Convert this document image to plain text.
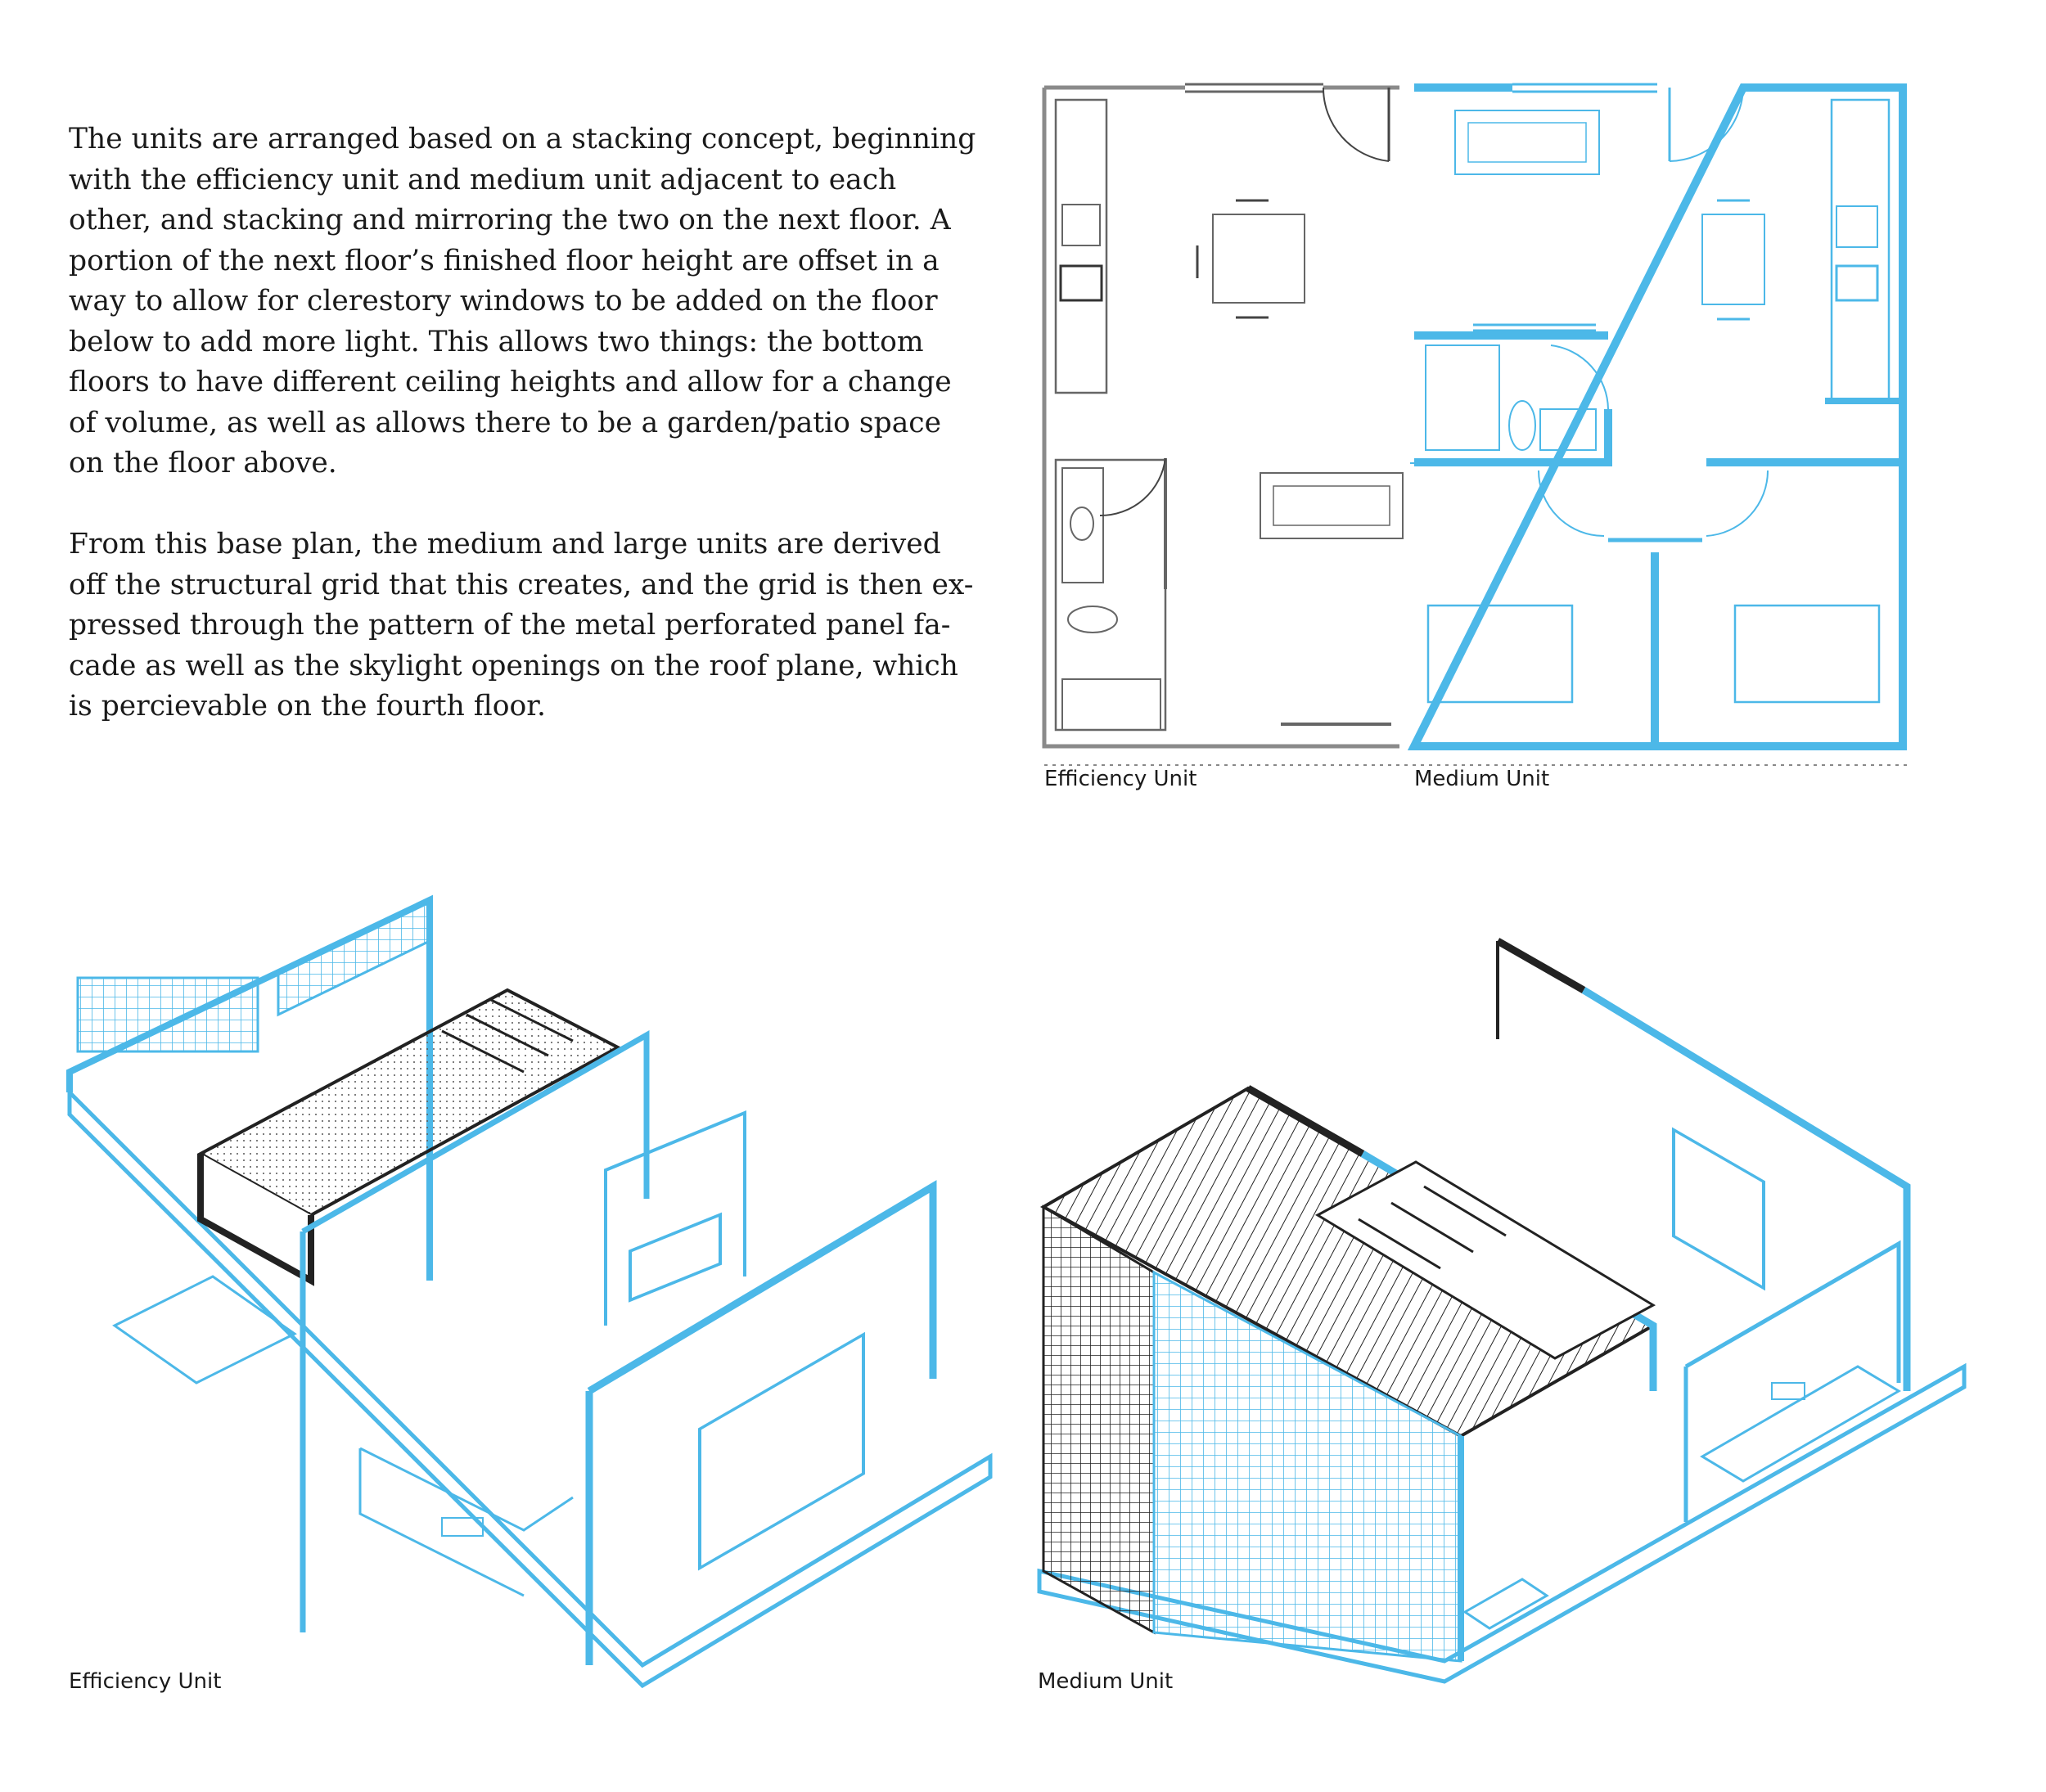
The units are arranged based on a stacking concept, beginning
with the efficiency unit and medium unit adjacent to each
other, and stacking and mirroring the two on the next floor. A
portion of the next floor’s finished floor height are offset in a
way to allow for clerestory windows to be added on the floor
below to add more light. This allows two things: the bottom
floors to have different ceiling heights and allow for a change
of volume, as well as allows there to be a garden/patio space
on the floor above.
From this base plan, the medium and large units are derived
off the structural grid that this creates, and the grid is then ex-
pressed through the pattern of the metal perforated panel fa-
cade as well as the skylight openings on the roof plane, which
is percievable on the fourth floor.
Efficiency Unit	Medium Unit
Efficiency Unit	Medium Unit
